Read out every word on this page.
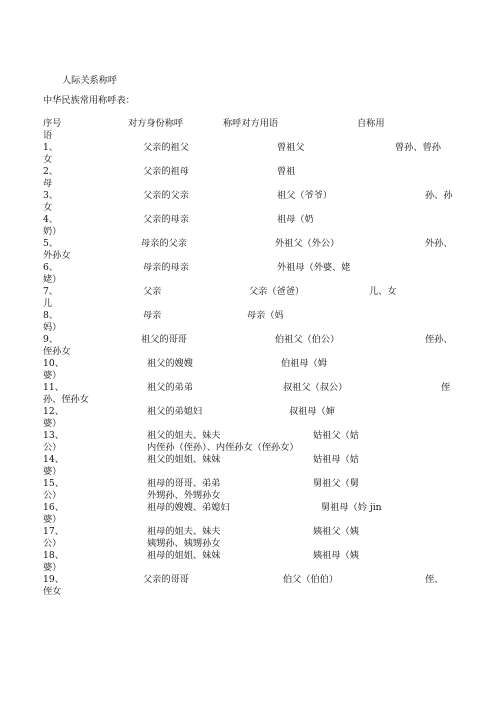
人际关系称呼
中华民族常用称呼表：
序号	对方身份称呼	称呼对方用语	自称用
语
1、	父亲的祖父	曾祖父	曾孙、曾孙
女
2、	父亲的祖母	曾祖
母
3、	父亲的父亲	祖父（爷爷）	孙、孙
女
4、	父亲的母亲	祖母（奶
奶）
5、	母亲的父亲	外祖父（外公）	外孙、
外孙女
6、	母亲的母亲	外祖母（外婆、姥
姥）
7、	父亲	父亲（爸爸）	儿、女
儿
8、	母亲	母亲（妈
妈）
9、	祖父的哥哥	伯祖父（伯公）	侄孙、
侄孙女
10、	祖父的嫂嫂	伯祖母（姆
婆）
11、	祖父的弟弟	叔祖父（叔公）	侄
孙、侄孙女
12、	祖父的弟媳妇	叔祖母（婶
婆）
13、	祖父的姐夫、妹夫	姑祖父（姑
公）	内侄孙（侄孙）、内侄孙女（侄孙女）
14、	祖父的姐姐、妹妹	姑祖母（姑
婆）
15、	祖母的哥哥、弟弟	舅祖父（舅
公）	外甥孙、外甥孙女
16、	祖母的嫂嫂、弟媳妇	舅祖母（妗 jin
婆）
17、	祖母的姐夫、妹夫	姨祖父（姨
公）	姨甥孙、姨甥孙女
18、	祖母的姐姐、妹妹	姨祖母（姨
婆）
19、	父亲的哥哥	伯父（伯伯）	侄、
侄女
